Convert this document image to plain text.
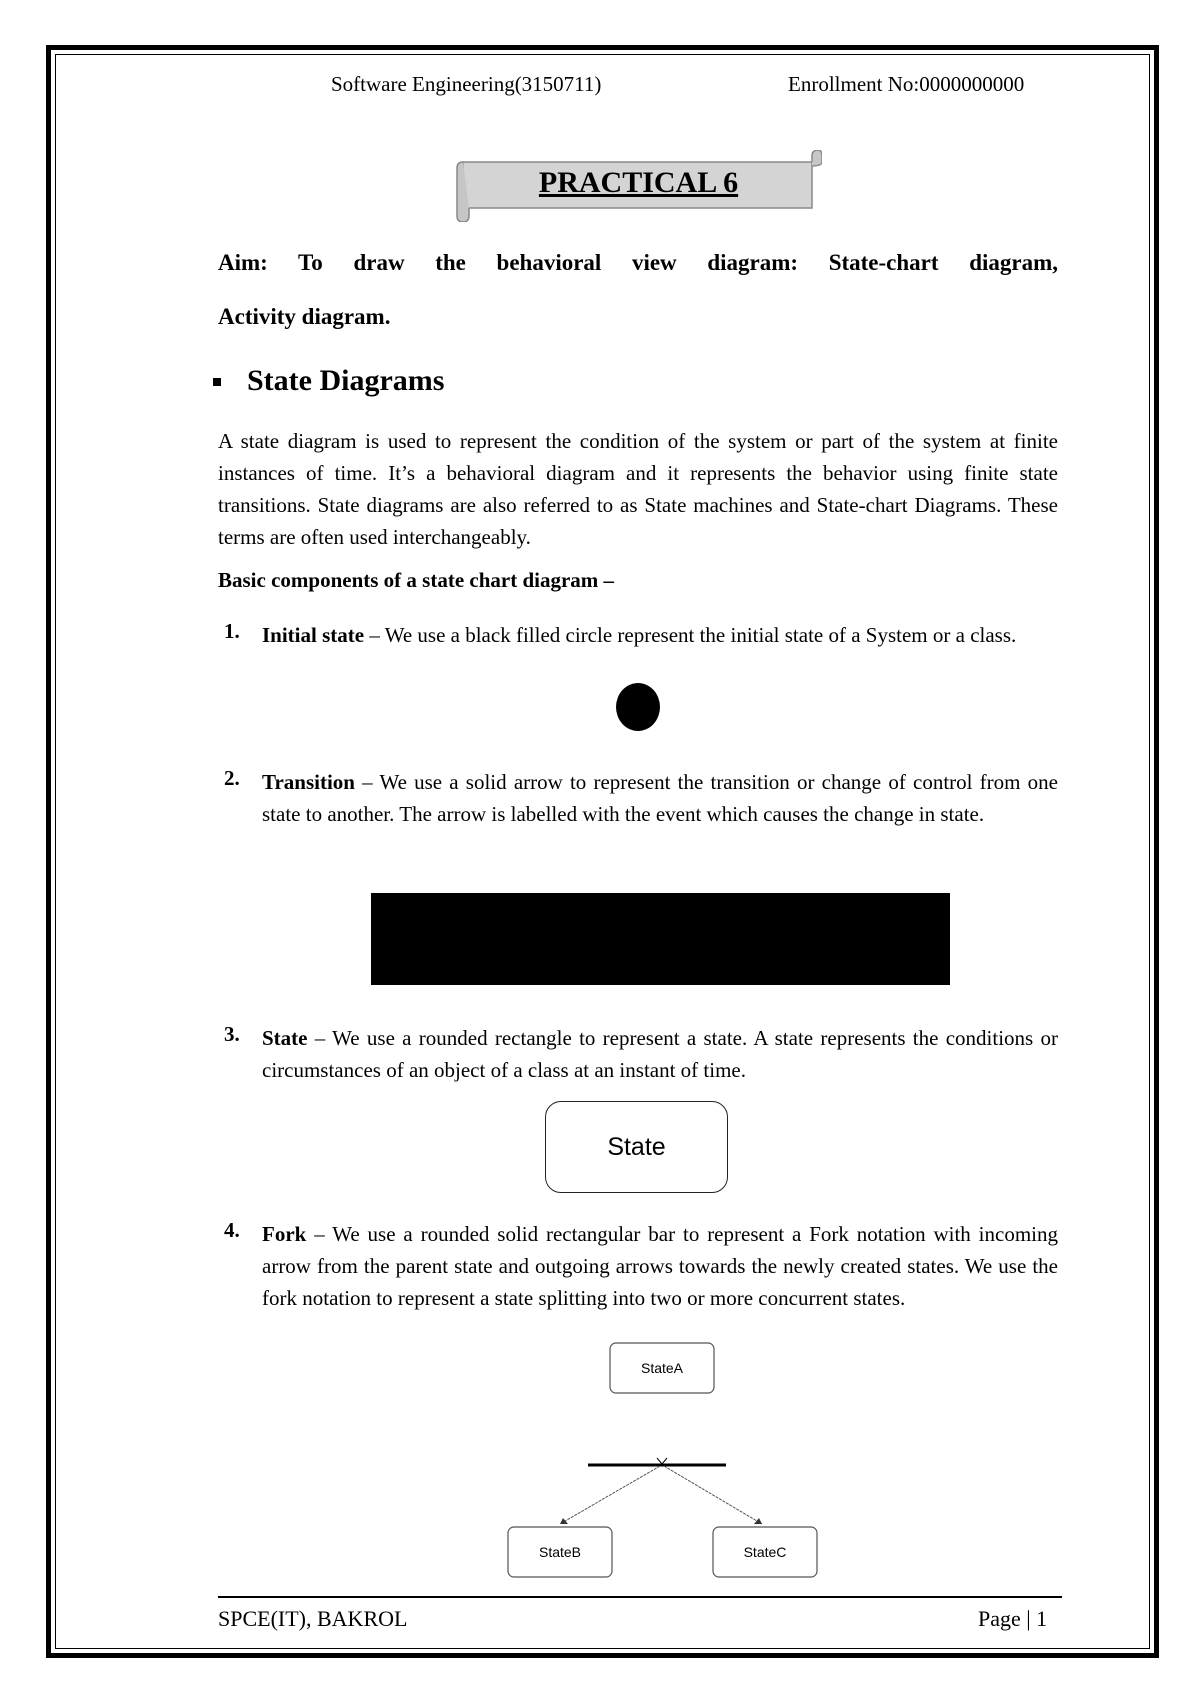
Software Engineering(3150711)	Enrollment No:0000000000
PRACTICAL 6
Aim: To draw the behavioral view diagram: State-chart diagram,
Activity diagram.
State Diagrams

A state diagram is used to represent the condition of the system or part of the system at finite instances of time. It’s a behavioral diagram and it represents the behavior using finite state transitions. State diagrams are also referred to as State machines and State-chart Diagrams. These terms are often used interchangeably.

Basic components of a state chart diagram –
1. Initial state – We use a black filled circle represent the initial state of a System or a class.

2. Transition – We use a solid arrow to represent the transition or change of control from one state to another. The arrow is labelled with the event which causes the change in state.

3. State – We use a rounded rectangle to represent a state. A state represents the conditions or circumstances of an object of a class at an instant of time.

State
4. Fork – We use a rounded solid rectangular bar to represent a Fork notation with incoming arrow from the parent state and outgoing arrows towards the newly created states. We use the fork notation to represent a state splitting into two or more concurrent states.

StateA
StateB	StateC
SPCE(IT), BAKROL	Page | 1
